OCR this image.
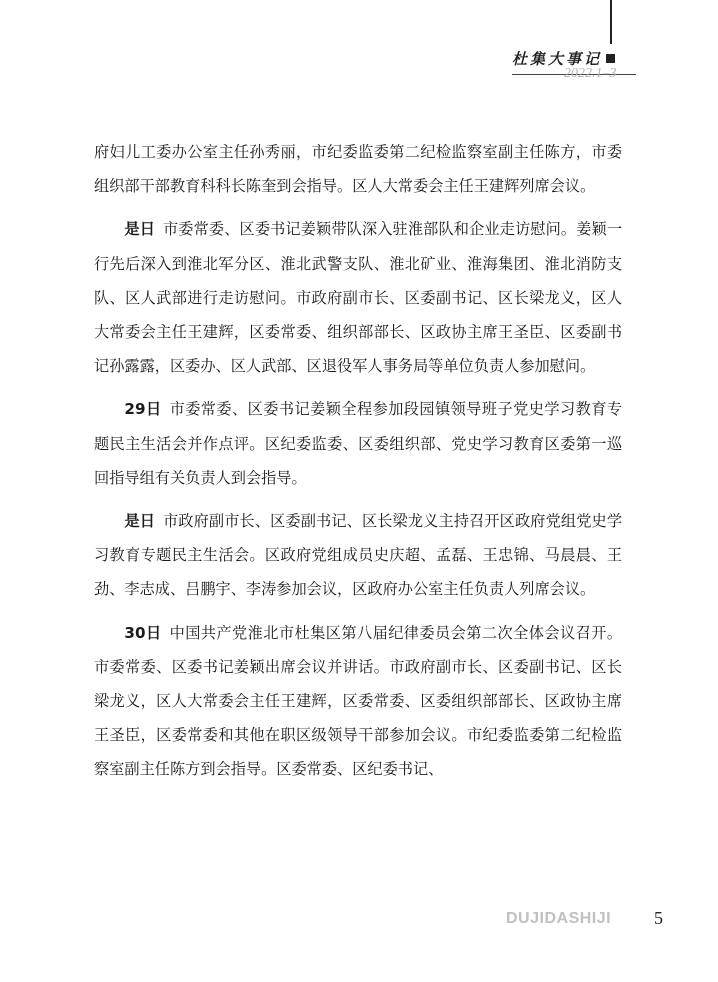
杜集大事记
2022.1–3

府妇儿工委办公室主任孙秀丽，市纪委监委第二纪检监察室副主任陈方，市委组织部干部教育科科长陈奎到会指导。区人大常委会主任王建辉列席会议。

是日 市委常委、区委书记姜颖带队深入驻淮部队和企业走访慰问。姜颖一行先后深入到淮北军分区、淮北武警支队、淮北矿业、淮海集团、淮北消防支队、区人武部进行走访慰问。市政府副市长、区委副书记、区长梁龙义，区人大常委会主任王建辉，区委常委、组织部部长、区政协主席王圣臣、区委副书记孙露露，区委办、区人武部、区退役军人事务局等单位负责人参加慰问。

29日 市委常委、区委书记姜颖全程参加段园镇领导班子党史学习教育专题民主生活会并作点评。区纪委监委、区委组织部、党史学习教育区委第一巡回指导组有关负责人到会指导。

是日 市政府副市长、区委副书记、区长梁龙义主持召开区政府党组党史学习教育专题民主生活会。区政府党组成员史庆超、孟磊、王忠锦、马晨晨、王劲、李志成、吕鹏宇、李涛参加会议，区政府办公室主任负责人列席会议。

30日 中国共产党淮北市杜集区第八届纪律委员会第二次全体会议召开。市委常委、区委书记姜颖出席会议并讲话。市政府副市长、区委副书记、区长梁龙义，区人大常委会主任王建辉，区委常委、区委组织部部长、区政协主席王圣臣，区委常委和其他在职区级领导干部参加会议。市纪委监委第二纪检监察室副主任陈方到会指导。区委常委、区纪委书记、

DUJIDASHIJI 5
